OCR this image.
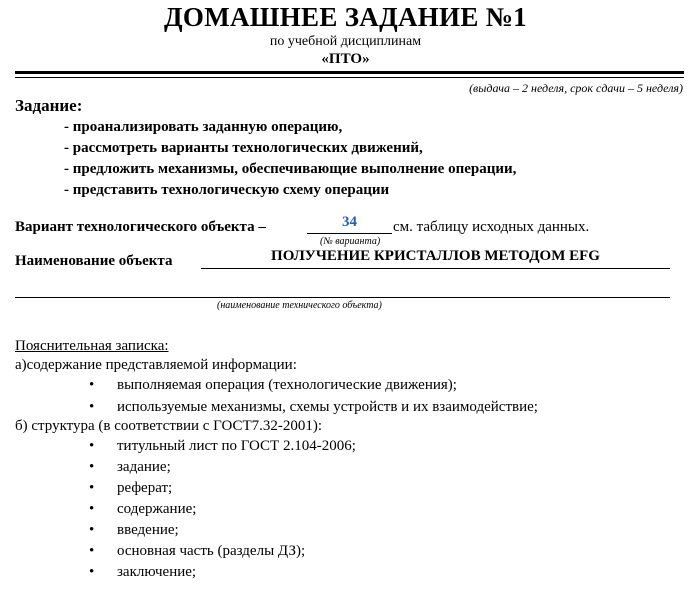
ДОМАШНЕЕ ЗАДАНИЕ №1
по учебной дисциплинам
«ПТО»
(выдача – 2 неделя, срок сдачи – 5 неделя)
Задание:
- проанализировать заданную операцию,
- рассмотреть варианты технологических движений,
- предложить механизмы, обеспечивающие выполнение операции,
- представить технологическую схему операции
Вариант технологического объекта –	34	см. таблицу исходных данных.
(№ варианта)
Наименование объекта	ПОЛУЧЕНИЕ КРИСТАЛЛОВ МЕТОДОМ EFG
(наименование технического объекта)
Пояснительная записка:
а)содержание представляемой информации:
• выполняемая операция (технологические движения);
• используемые механизмы, схемы устройств и их взаимодействие;
б) структура (в соответствии с ГОСТ7.32-2001):
• титульный лист по ГОСТ 2.104-2006;
• задание;
• реферат;
• содержание;
• введение;
• основная часть (разделы ДЗ);
• заключение;
